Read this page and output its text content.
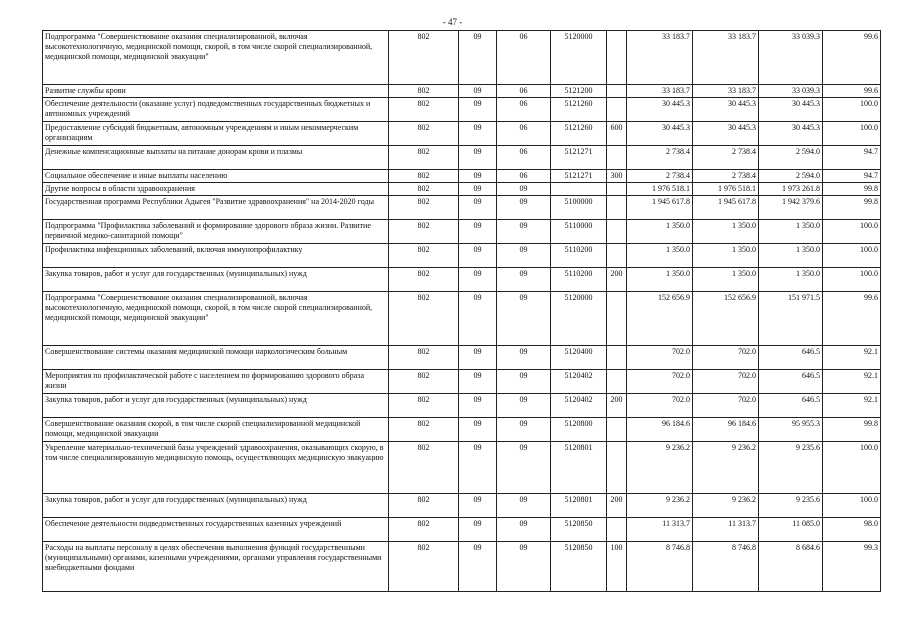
- 47 -
Подпрограмма "Совершенствование оказания специализированной, включая высокотехнологичную, медицинской помощи, скорой, в том числе скорой специализированной, медицинской помощи, медицинской эвакуации"	802	09	06	5120000		33 183.7	33 183.7	33 039.3	99.6
Развитие службы крови	802	09	06	5121200		33 183.7	33 183.7	33 039.3	99.6
Обеспечение деятельности (оказание услуг) подведомственных государственных бюджетных и автономных учреждений	802	09	06	5121260		30 445.3	30 445.3	30 445.3	100.0
Предоставление субсидий бюджетным, автономным учреждениям и иным некоммерческим организациям	802	09	06	5121260	600	30 445.3	30 445.3	30 445.3	100.0
Денежные компенсационные выплаты на питание донорам крови и плазмы	802	09	06	5121271		2 738.4	2 738.4	2 594.0	94.7
Социальное обеспечение и иные выплаты населению	802	09	06	5121271	300	2 738.4	2 738.4	2 594.0	94.7
Другие вопросы в области здравоохранения	802	09	09			1 976 518.1	1 976 518.1	1 973 261.8	99.8
Государственная программа Республики Адыгея "Развитие здравоохранения" на 2014-2020 годы	802	09	09	5100000		1 945 617.8	1 945 617.8	1 942 379.6	99.8
Подпрограмма "Профилактика заболеваний и формирование здорового образа жизни. Развитие первичной медико-санитарной помощи"	802	09	09	5110000		1 350.0	1 350.0	1 350.0	100.0
Профилактика инфекционных заболеваний, включая иммунопрофилактику	802	09	09	5110200		1 350.0	1 350.0	1 350.0	100.0
Закупка товаров, работ и услуг для государственных (муниципальных) нужд	802	09	09	5110200	200	1 350.0	1 350.0	1 350.0	100.0
Подпрограмма "Совершенствование оказания специализированной, включая высокотехнологичную, медицинской помощи, скорой, в том числе скорой специализированной, медицинской помощи, медицинской эвакуации"	802	09	09	5120000		152 656.9	152 656.9	151 971.5	99.6
Совершенствование системы оказания медицинской помощи наркологическим больным	802	09	09	5120400		702.0	702.0	646.5	92.1
Мероприятия по профилактической работе с населением по формированию здорового образа жизни	802	09	09	5120402		702.0	702.0	646.5	92.1
Закупка товаров, работ и услуг для государственных (муниципальных) нужд	802	09	09	5120402	200	702.0	702.0	646.5	92.1
Совершенствование оказания скорой, в том числе скорой специализированной медицинской помощи, медицинской эвакуации	802	09	09	5120800		96 184.6	96 184.6	95 955.3	99.8
Укрепление материально-технической базы учреждений здравоохранения, оказывающих скорую, в том числе специализированную медицинскую помощь, осуществляющих медицинскую эвакуацию	802	09	09	5120801		9 236.2	9 236.2	9 235.6	100.0
Закупка товаров, работ и услуг для государственных (муниципальных) нужд	802	09	09	5120801	200	9 236.2	9 236.2	9 235.6	100.0
Обеспечение деятельности подведомственных государственных казенных учреждений	802	09	09	5120850		11 313.7	11 313.7	11 085.0	98.0
Расходы на выплаты персоналу в целях обеспечения выполнения функций государственными (муниципальными) органами, казенными учреждениями, органами управления государственными внебюджетными фондами	802	09	09	5120850	100	8 746.8	8 746.8	8 684.6	99.3
